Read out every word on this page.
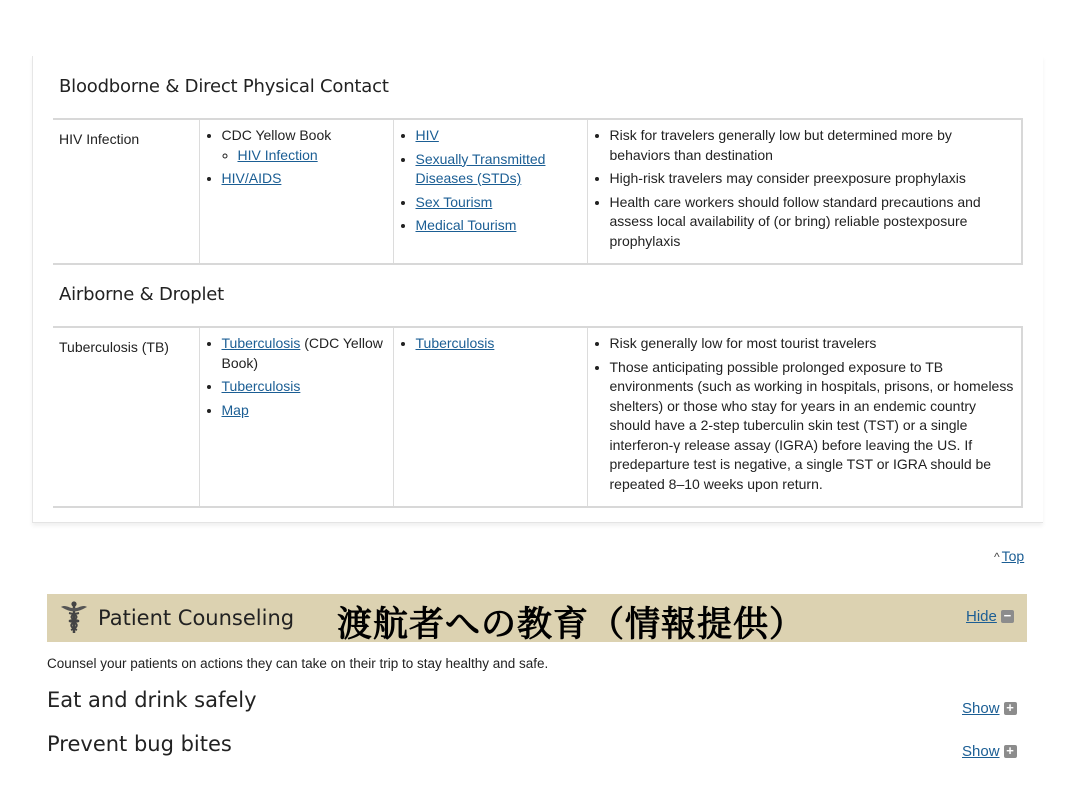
Bloodborne & Direct Physical Contact
HIV Infection	
•CDC Yellow Book
◦ HIV Infection
• HIV/AIDS

• HIV
• Sexually Transmitted Diseases (STDs)
• Sex Tourism
• Medical Tourism

• Risk for travelers generally low but determined more by behaviors than destination
• High-risk travelers may consider preexposure prophylaxis
• Health care workers should follow standard precautions and assess local availability of (or bring) reliable postexposure prophylaxis
Airborne & Droplet
Tuberculosis (TB)	
•Tuberculosis (CDC Yellow Book)
• Tuberculosis
• Map

• Tuberculosis

•Risk generally low for most tourist travelers
• Those anticipating possible prolonged exposure to TB environments (such as working in hospitals, prisons, or homeless shelters) or those who stay for years in an endemic country should have a 2-step tuberculin skin test (TST) or a single interferon-γ release assay (IGRA) before leaving the US. If predeparture test is negative, a single TST or IGRA should be repeated 8–10 weeks upon return.
^ Top
Patient Counseling 渡航者への教育（情報提供）	Hide −
Counsel your patients on actions they can take on their trip to stay healthy and safe.
Eat and drink safely	Show +
Prevent bug bites	Show +
